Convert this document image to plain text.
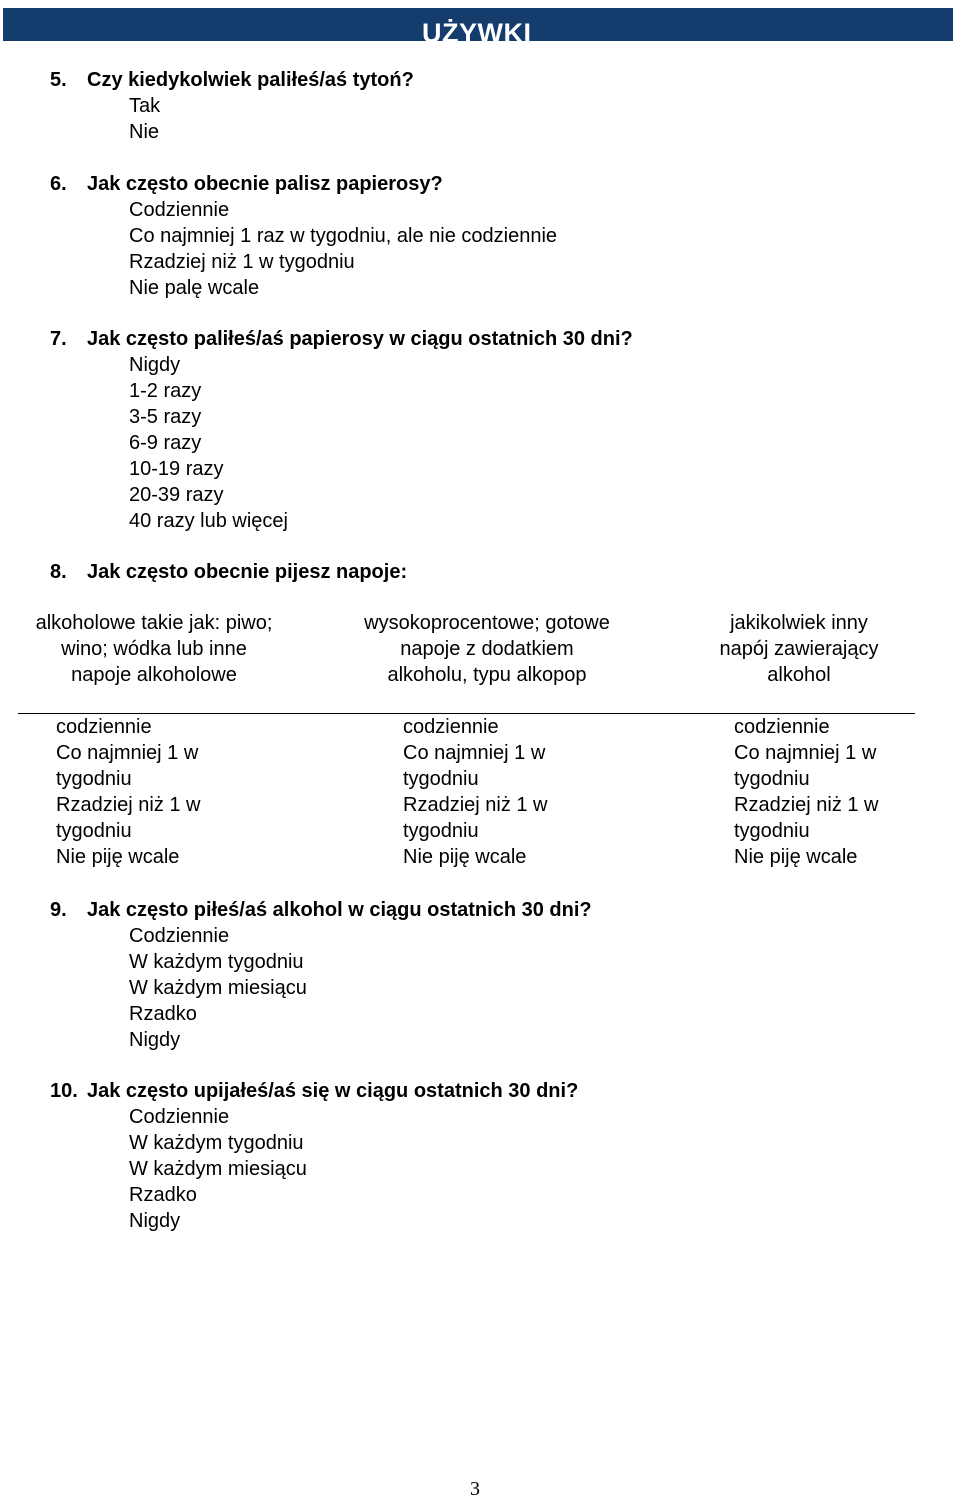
UŻYWKI
5. Czy kiedykolwiek paliłeś/aś tytoń?
Tak
Nie
6. Jak często obecnie palisz papierosy?
Codziennie
Co najmniej 1 raz w tygodniu, ale nie codziennie
Rzadziej niż 1 w tygodniu
Nie palę wcale
7. Jak często paliłeś/aś papierosy w ciągu ostatnich 30 dni?
Nigdy
1-2 razy
3-5 razy
6-9 razy
10-19 razy
20-39 razy
40 razy lub więcej
8. Jak często obecnie pijesz napoje:
alkoholowe takie jak: piwo;
wino; wódka lub inne
napoje alkoholowe
wysokoprocentowe; gotowe
napoje z dodatkiem
alkoholu, typu alkopop
jakikolwiek inny
napój zawierający
alkohol
codziennie
Co najmniej 1 w
tygodniu
Rzadziej niż 1 w
tygodniu
Nie piję wcale
codziennie
Co najmniej 1 w
tygodniu
Rzadziej niż 1 w
tygodniu
Nie piję wcale
codziennie
Co najmniej 1 w
tygodniu
Rzadziej niż 1 w
tygodniu
Nie piję wcale
9. Jak często piłeś/aś alkohol w ciągu ostatnich 30 dni?
Codziennie
W każdym tygodniu
W każdym miesiącu
Rzadko
Nigdy
10. Jak często upijałeś/aś się w ciągu ostatnich 30 dni?
Codziennie
W każdym tygodniu
W każdym miesiącu
Rzadko
Nigdy
3
